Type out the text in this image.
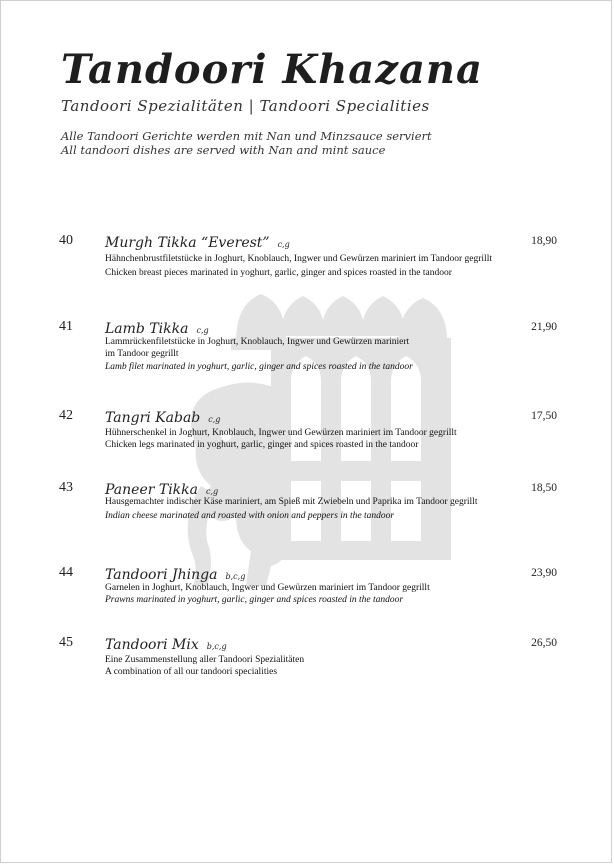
Tandoori Khazana
Tandoori Spezialitäten | Tandoori Specialities
Alle Tandoori Gerichte werden mit Nan und Minzsauce serviert
All tandoori dishes are served with Nan and mint sauce
40 Murgh Tikka “Everest” c,g	18,90
Hähnchenbrustfiletstücke in Joghurt, Knoblauch, Ingwer und Gewürzen mariniert im Tandoor gegrillt
Chicken breast pieces marinated in yoghurt, garlic, ginger and spices roasted in the tandoor
41 Lamb Tikka c,g	21,90
Lammrückenfiletstücke in Joghurt, Knoblauch, Ingwer und Gewürzen mariniert im Tandoor gegrillt
Lamb filet marinated in yoghurt, garlic, ginger and spices roasted in the tandoor
42 Tangri Kabab c,g	17,50
Hühnerschenkel in Joghurt, Knoblauch, Ingwer und Gewürzen mariniert im Tandoor gegrillt
Chicken legs marinated in yoghurt, garlic, ginger and spices roasted in the tandoor
43 Paneer Tikka c,g	18,50
Hausgemachter indischer Käse mariniert, am Spieß mit Zwiebeln und Paprika im Tandoor gegrillt
Indian cheese marinated and roasted with onion and peppers in the tandoor
44 Tandoori Jhinga b,c,g	23,90
Garnelen in Joghurt, Knoblauch, Ingwer und Gewürzen mariniert im Tandoor gegrillt
Prawns marinated in yoghurt, garlic, ginger and spices roasted in the tandoor
45 Tandoori Mix b,c,g	26,50
Eine Zusammenstellung aller Tandoori Spezialitäten
A combination of all our tandoori specialities
